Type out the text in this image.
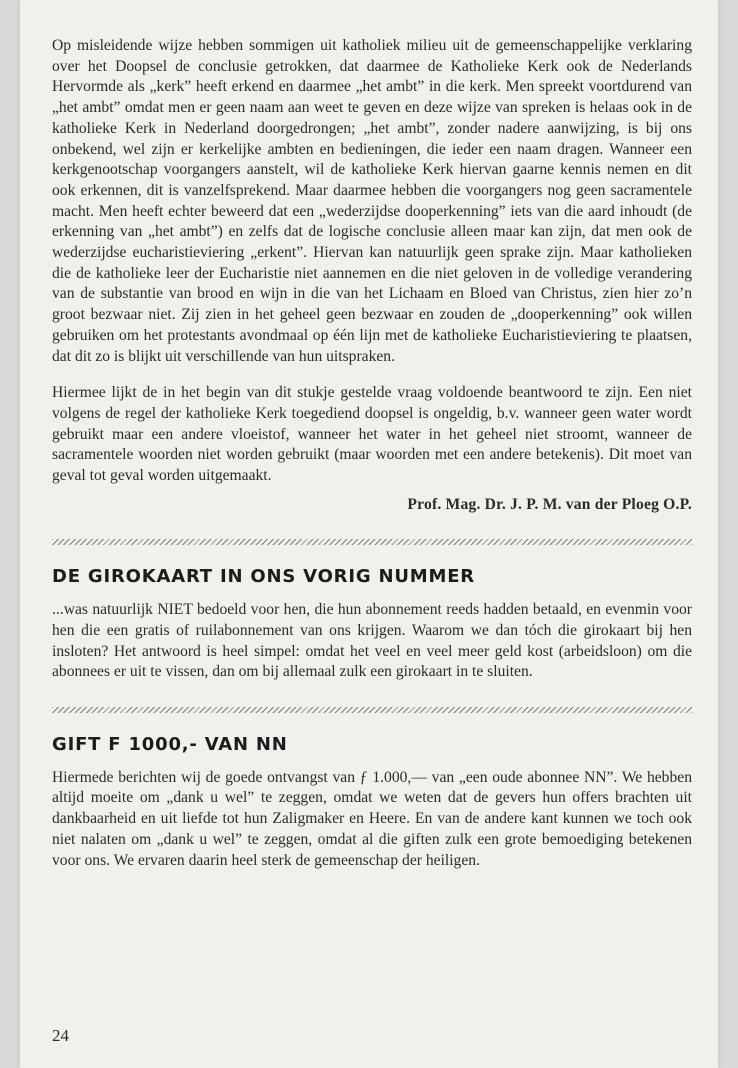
Op misleidende wijze hebben sommigen uit katholiek milieu uit de gemeenschappelijke verklaring over het Doopsel de conclusie getrokken, dat daarmee de Katholieke Kerk ook de Nederlands Hervormde als „kerk” heeft erkend en daarmee „het ambt” in die kerk. Men spreekt voortdurend van „het ambt” omdat men er geen naam aan weet te geven en deze wijze van spreken is helaas ook in de katholieke Kerk in Nederland doorgedrongen; „het ambt”, zonder nadere aanwijzing, is bij ons onbekend, wel zijn er kerkelijke ambten en bedieningen, die ieder een naam dragen. Wanneer een kerkgenootschap voorgangers aanstelt, wil de katholieke Kerk hiervan gaarne kennis nemen en dit ook erkennen, dit is vanzelfsprekend. Maar daarmee hebben die voorgangers nog geen sacramentele macht. Men heeft echter beweerd dat een „wederzijdse dooperkenning” iets van die aard inhoudt (de erkenning van „het ambt”) en zelfs dat de logische conclusie alleen maar kan zijn, dat men ook de wederzijdse eucharistieviering „erkent”. Hiervan kan natuurlijk geen sprake zijn. Maar katholieken die de katholieke leer der Eucharistie niet aannemen en die niet geloven in de volledige verandering van de substantie van brood en wijn in die van het Lichaam en Bloed van Christus, zien hier zo’n groot bezwaar niet. Zij zien in het geheel geen bezwaar en zouden de „dooperkenning” ook willen gebruiken om het protestants avondmaal op één lijn met de katholieke Eucharistieviering te plaatsen, dat dit zo is blijkt uit verschillende van hun uitspraken.

Hiermee lijkt de in het begin van dit stukje gestelde vraag voldoende beantwoord te zijn. Een niet volgens de regel der katholieke Kerk toegediend doopsel is ongeldig, b.v. wanneer geen water wordt gebruikt maar een andere vloeistof, wanneer het water in het geheel niet stroomt, wanneer de sacramentele woorden niet worden gebruikt (maar woorden met een andere betekenis). Dit moet van geval tot geval worden uitgemaakt.

Prof. Mag. Dr. J. P. M. van der Ploeg O.P.
DE GIROKAART IN ONS VORIG NUMMER

...was natuurlijk NIET bedoeld voor hen, die hun abonnement reeds hadden betaald, en evenmin voor hen die een gratis of ruilabonnement van ons krijgen. Waarom we dan tóch die girokaart bij hen insloten? Het antwoord is heel simpel: omdat het veel en veel meer geld kost (arbeidsloon) om die abonnees er uit te vissen, dan om bij allemaal zulk een girokaart in te sluiten.

GIFT F 1000,- VAN NN

Hiermede berichten wij de goede ontvangst van ƒ 1.000,— van „een oude abonnee NN”. We hebben altijd moeite om „dank u wel” te zeggen, omdat we weten dat de gevers hun offers brachten uit dankbaarheid en uit liefde tot hun Zaligmaker en Heere. En van de andere kant kunnen we toch ook niet nalaten om „dank u wel” te zeggen, omdat al die giften zulk een grote bemoediging betekenen voor ons. We ervaren daarin heel sterk de gemeenschap der heiligen.

24
